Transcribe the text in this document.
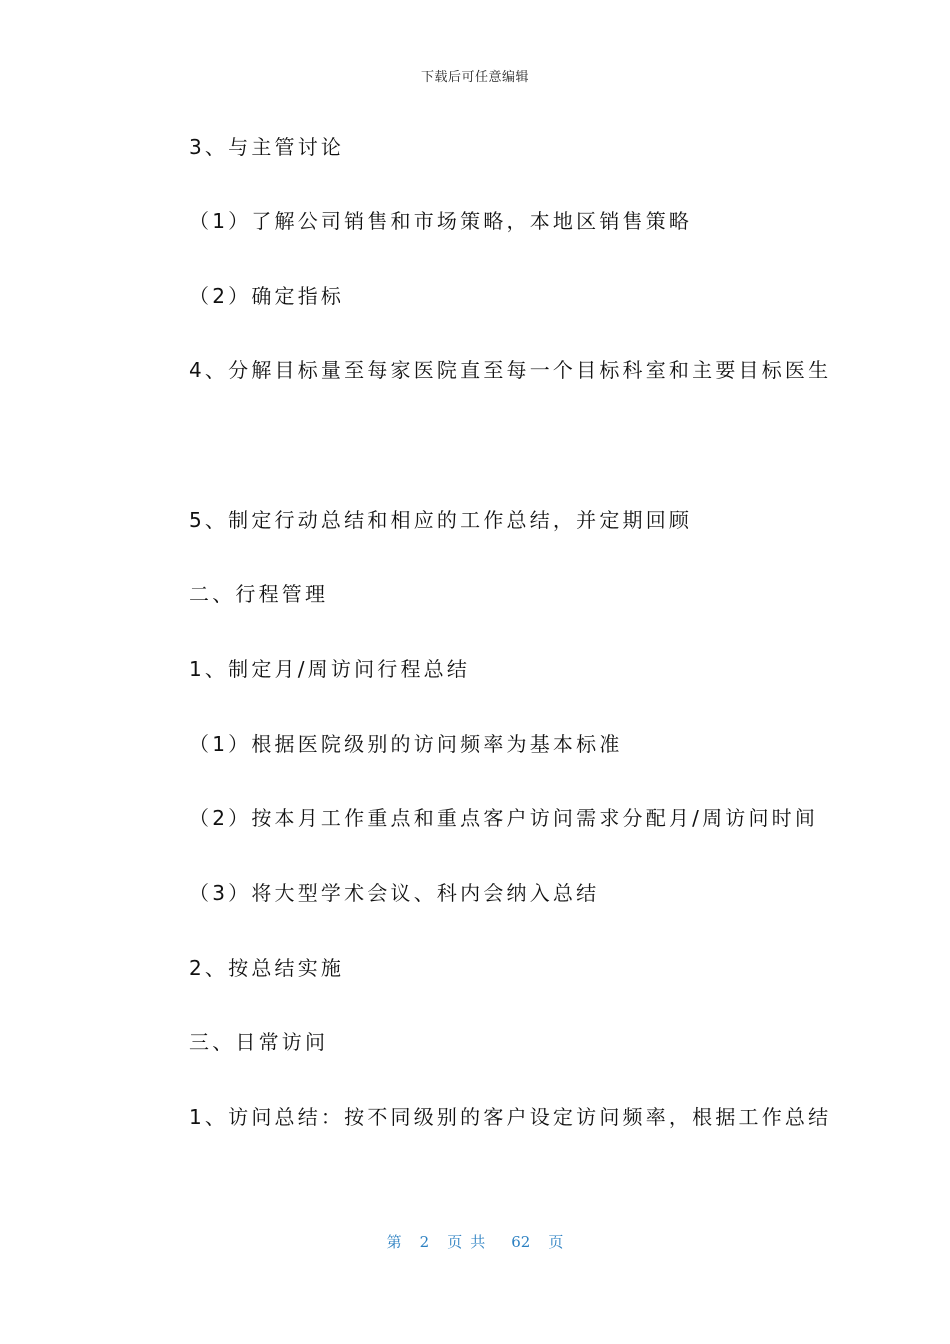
下载后可任意编辑
3、与主管讨论
（1）了解公司销售和市场策略，本地区销售策略
（2）确定指标
4、分解目标量至每家医院直至每一个目标科室和主要目标医生
5、制定行动总结和相应的工作总结，并定期回顾
二、行程管理
1、制定月/周访问行程总结
（1）根据医院级别的访问频率为基本标准
（2）按本月工作重点和重点客户访问需求分配月/周访问时间
（3）将大型学术会议、科内会纳入总结
2、按总结实施
三、日常访问
1、访问总结：按不同级别的客户设定访问频率，根据工作总结
第 2 页共 62 页
